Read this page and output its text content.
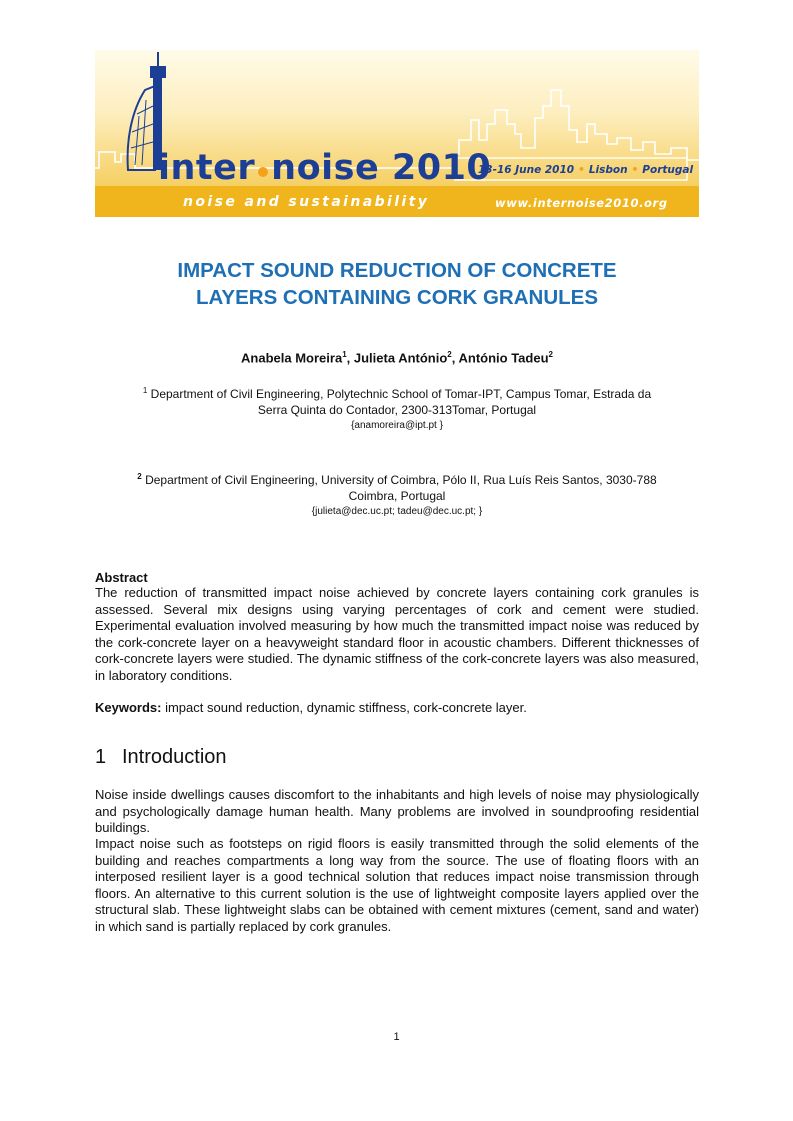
inter noise 2010
noise and sustainability
13-16 June 2010 • Lisbon • Portugal
www.internoise2010.org
IMPACT SOUND REDUCTION OF CONCRETE
LAYERS CONTAINING CORK GRANULES
Anabela Moreira$^1$, Julieta António$^2$, António Tadeu$^2$
$^1$ Department of Civil Engineering, Polytechnic School of Tomar-IPT, Campus Tomar, Estrada da
Serra Quinta do Contador, 2300-313Tomar, Portugal
{anamoreira@ipt.pt }
$^2$ Department of Civil Engineering, University of Coimbra, Pólo II, Rua Luís Reis Santos, 3030-788
Coimbra, Portugal
{julieta@dec.uc.pt; tadeu@dec.uc.pt; }
Abstract

The reduction of transmitted impact noise achieved by concrete layers containing cork granules is assessed. Several mix designs using varying percentages of cork and cement were studied. Experimental evaluation involved measuring by how much the transmitted impact noise was reduced by the cork-concrete layer on a heavyweight standard floor in acoustic chambers. Different thicknesses of cork-concrete layers were studied. The dynamic stiffness of the cork-concrete layers was also measured, in laboratory conditions.

Keywords: impact sound reduction, dynamic stiffness, cork-concrete layer.
1 Introduction

Noise inside dwellings causes discomfort to the inhabitants and high levels of noise may physiologically and psychologically damage human health. Many problems are involved in soundproofing residential buildings.

Impact noise such as footsteps on rigid floors is easily transmitted through the solid elements of the building and reaches compartments a long way from the source. The use of floating floors with an interposed resilient layer is a good technical solution that reduces impact noise transmission through floors. An alternative to this current solution is the use of lightweight composite layers applied over the structural slab. These lightweight slabs can be obtained with cement mixtures (cement, sand and water) in which sand is partially replaced by cork granules.

1
